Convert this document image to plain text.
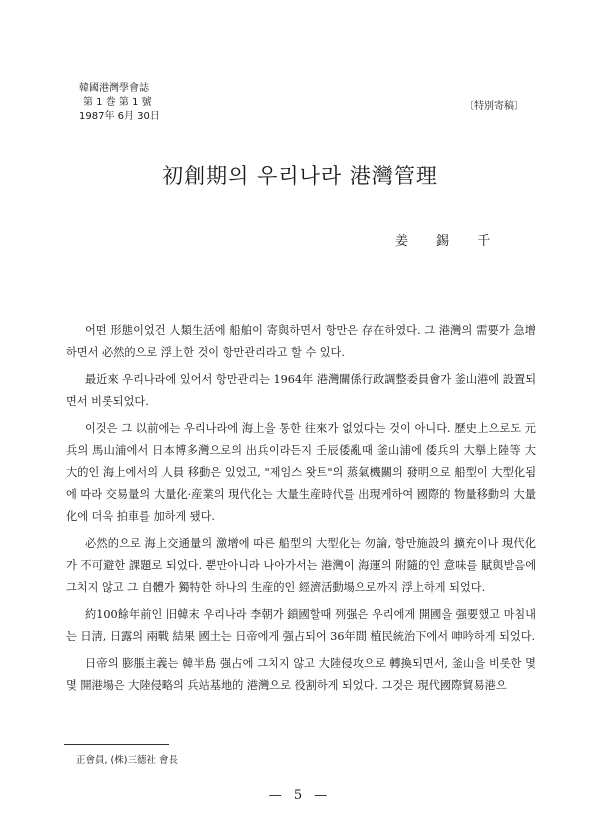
韓國港灣學會誌
第 1 巻 第 1 號
1987年 6月 30日
〔特別寄稿〕
初創期의 우리나라 港灣管理
姜 錫 千

어떤 形態이었건 人類生活에 船舶이 寄與하면서 항만은 存在하였다. 그 港灣의 需要가 急增하면서 必然的으로 浮上한 것이 항만관리라고 할 수 있다.

最近來 우리나라에 있어서 항만관리는 1964年 港灣關係行政調整委員會가 釜山港에 設置되면서 비롯되었다.

이것은 그 以前에는 우리나라에 海上을 통한 往來가 없었다는 것이 아니다. 歷史上으로도 元兵의 馬山浦에서 日本博多灣으로의 出兵이라든지 壬辰倭亂때 釜山浦에 倭兵의 大擧上陸等 大大的인 海上에서의 人員 移動은 있었고, "제임스 왓트"의 蒸氣機關의 發明으로 船型이 大型化됨에 따라 交易量의 大量化·産業의 現代化는 大量生産時代를 出現케하여 國際的 物量移動의 大量化에 더욱 拍車를 加하게 됐다.

必然的으로 海上交通量의 激增에 따른 船型의 大型化는 勿論, 항만施設의 擴充이나 現代化가 不可避한 課題로 되었다. 뿐만아니라 나아가서는 港灣이 海運의 附隨的인 意味를 賦與받음에 그치지 않고 그 自體가 獨特한 하나의 生産的인 經濟活動場으로까지 浮上하게 되었다.

約100餘年前인 旧韓末 우리나라 李朝가 鎖國할때 列强은 우리에게 開國을 强要했고 마침내는 日淸, 日露의 兩戰 結果 國土는 日帝에게 强占되어 36年間 植民統治下에서 呻吟하게 되었다.

日帝의 膨脹主義는 韓半島 强占에 그치지 않고 大陸侵攻으로 轉換되면서, 釜山을 비롯한 몇몇 開港場은 大陸侵略의 兵站基地的 港灣으로 役割하게 되었다. 그것은 現代國際貿易港으

正會員, (株)三德社 會長
— 5 —
